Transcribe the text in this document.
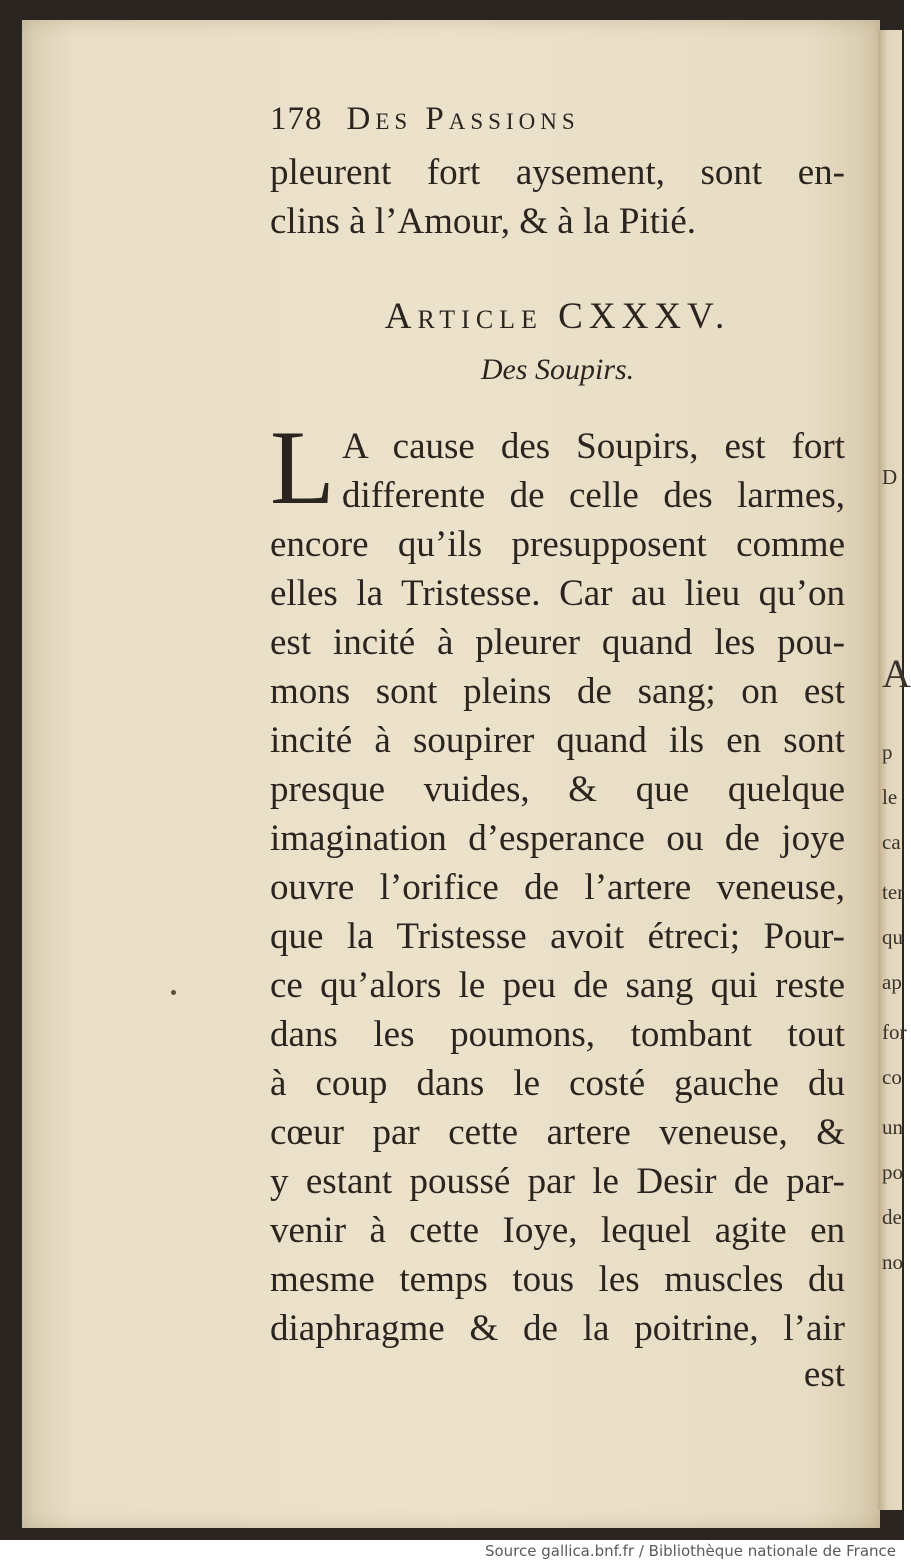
D
A
p
le
ca
ter
qu
ap
for
co
un
po
de
no
178 Des Passions
pleurent fort aysement, sont en-
clins à l’Amour, & à la Pitié.
Article CXXXV.
Des Soupirs.
L A cause des Soupirs, est fort
differente de celle des larmes,
encore qu’ils presupposent comme
elles la Tristesse. Car au lieu qu’on
est incité à pleurer quand les pou-
mons sont pleins de sang; on est
incité à soupirer quand ils en sont
presque vuides, & que quelque
imagination d’esperance ou de joye
ouvre l’orifice de l’artere veneuse,
que la Tristesse avoit étreci; Pour-
ce qu’alors le peu de sang qui reste
dans les poumons, tombant tout
à coup dans le costé gauche du
cœur par cette artere veneuse, &
y estant poussé par le Desir de par-
venir à cette Ioye, lequel agite en
mesme temps tous les muscles du
diaphragme & de la poitrine, l’air
est
Source gallica.bnf.fr / Bibliothèque nationale de France
